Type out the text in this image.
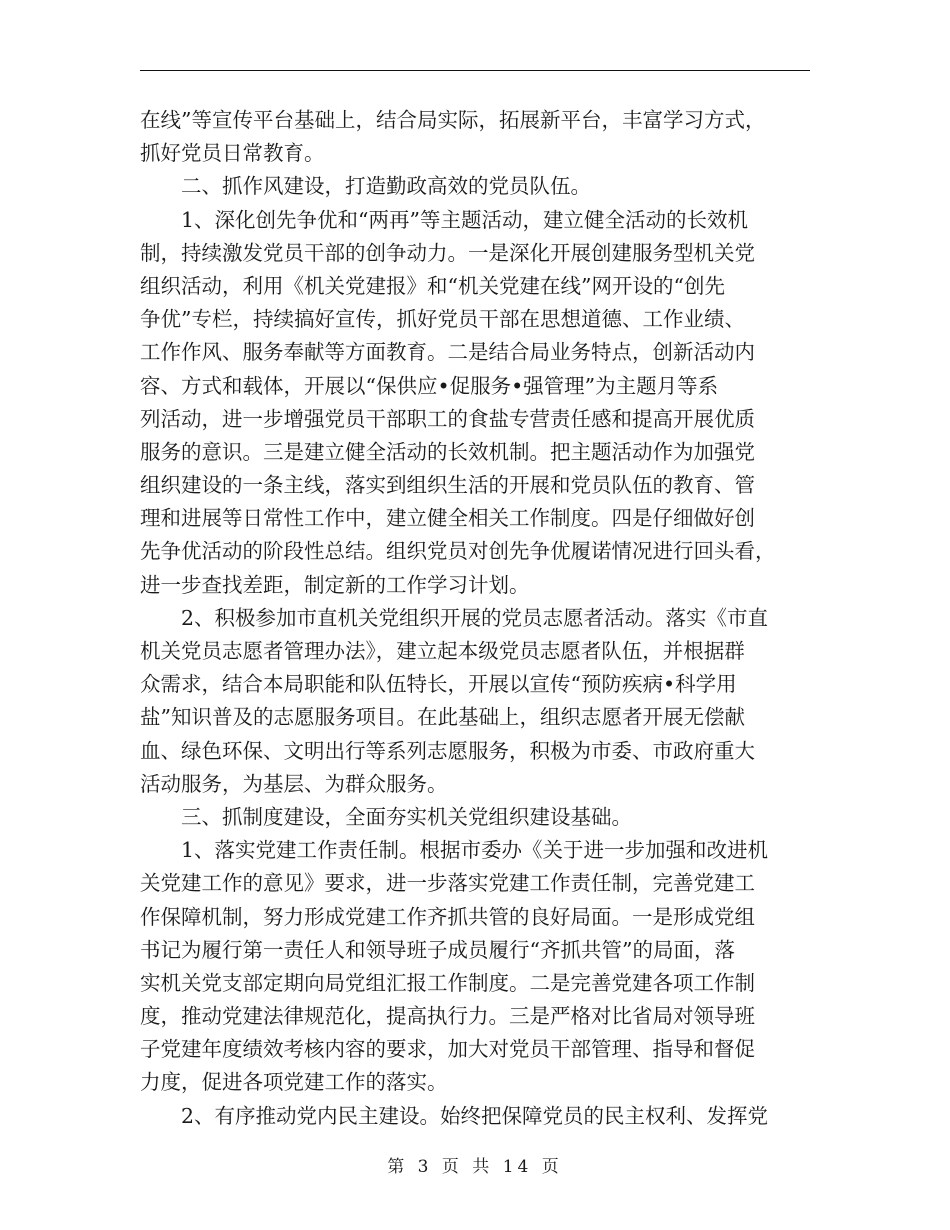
在线”等宣传平台基础上，结合局实际，拓展新平台，丰富学习方式，
抓好党员日常教育。
二、抓作风建设，打造勤政高效的党员队伍。
1、深化创先争优和“两再”等主题活动，建立健全活动的长效机
制，持续激发党员干部的创争动力。一是深化开展创建服务型机关党
组织活动，利用《机关党建报》和“机关党建在线”网开设的“创先
争优”专栏，持续搞好宣传，抓好党员干部在思想道德、工作业绩、
工作作风、服务奉献等方面教育。二是结合局业务特点，创新活动内
容、方式和载体，开展以“保供应•促服务•强管理”为主题月等系
列活动，进一步增强党员干部职工的食盐专营责任感和提高开展优质
服务的意识。三是建立健全活动的长效机制。把主题活动作为加强党
组织建设的一条主线，落实到组织生活的开展和党员队伍的教育、管
理和进展等日常性工作中，建立健全相关工作制度。四是仔细做好创
先争优活动的阶段性总结。组织党员对创先争优履诺情况进行回头看，
进一步查找差距，制定新的工作学习计划。
2、积极参加市直机关党组织开展的党员志愿者活动。落实《市直
机关党员志愿者管理办法》，建立起本级党员志愿者队伍，并根据群
众需求，结合本局职能和队伍特长，开展以宣传“预防疾病•科学用
盐”知识普及的志愿服务项目。在此基础上，组织志愿者开展无偿献
血、绿色环保、文明出行等系列志愿服务，积极为市委、市政府重大
活动服务，为基层、为群众服务。
三、抓制度建设，全面夯实机关党组织建设基础。
1、落实党建工作责任制。根据市委办《关于进一步加强和改进机
关党建工作的意见》要求，进一步落实党建工作责任制，完善党建工
作保障机制，努力形成党建工作齐抓共管的良好局面。一是形成党组
书记为履行第一责任人和领导班子成员履行“齐抓共管”的局面，落
实机关党支部定期向局党组汇报工作制度。二是完善党建各项工作制
度，推动党建法律规范化，提高执行力。三是严格对比省局对领导班
子党建年度绩效考核内容的要求，加大对党员干部管理、指导和督促
力度，促进各项党建工作的落实。
2、有序推动党内民主建设。始终把保障党员的民主权利、发挥党
第 3 页 共 14 页
